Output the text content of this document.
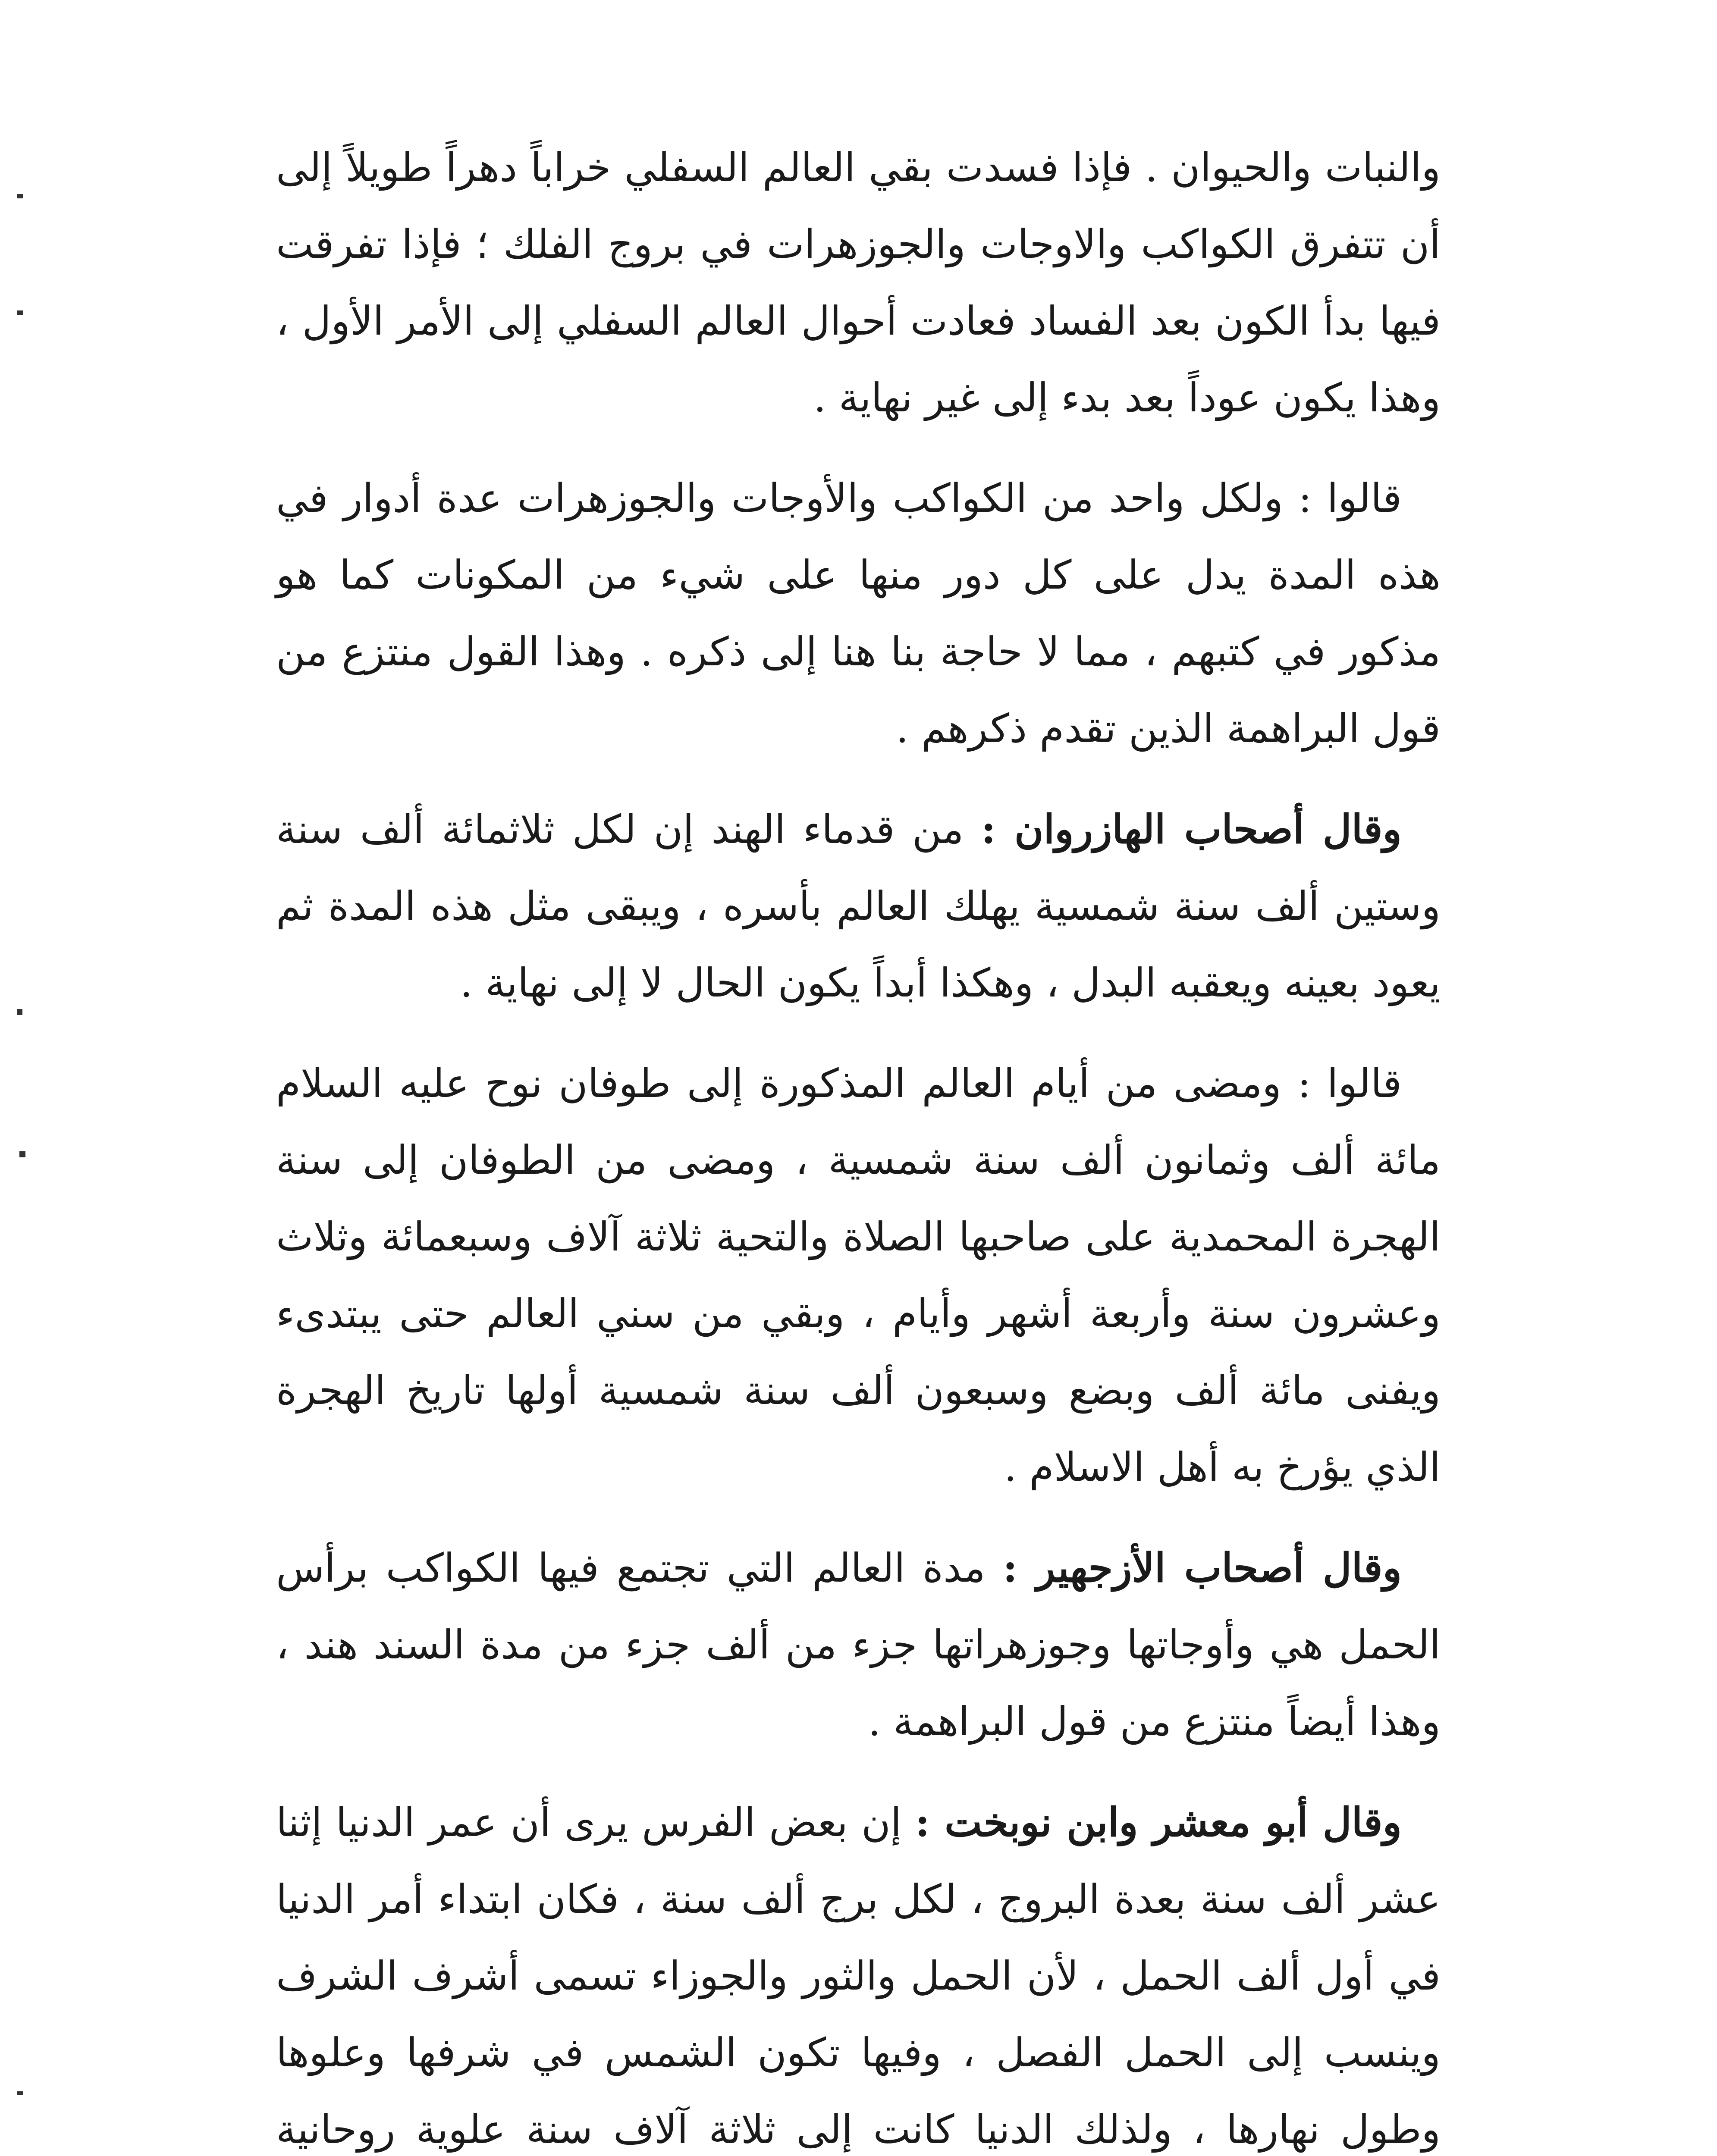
والنبات والحيوان . فإذا فسدت بقي العالم السفلي خراباً دهراً طويلاً إلى أن تتفرق الكواكب والاوجات والجوزهرات في بروج الفلك ؛ فإذا تفرقت فيها بدأ الكون بعد الفساد فعادت أحوال العالم السفلي إلى الأمر الأول ، وهذا يكون عوداً بعد بدء إلى غير نهاية .

قالوا : ولكل واحد من الكواكب والأوجات والجوزهرات عدة أدوار في هذه المدة يدل على كل دور منها على شيء من المكونات كما هو مذكور في كتبهم ، مما لا حاجة بنا هنا إلى ذكره . وهذا القول منتزع من قول البراهمة الذين تقدم ذكرهم .

وقال أصحاب الهازروان : من قدماء الهند إن لكل ثلاثمائة ألف سنة وستين ألف سنة شمسية يهلك العالم بأسره ، ويبقى مثل هذه المدة ثم يعود بعينه ويعقبه البدل ، وهكذا أبداً يكون الحال لا إلى نهاية .

قالوا : ومضى من أيام العالم المذكورة إلى طوفان نوح عليه السلام مائة ألف وثمانون ألف سنة شمسية ، ومضى من الطوفان إلى سنة الهجرة المحمدية على صاحبها الصلاة والتحية ثلاثة آلاف وسبعمائة وثلاث وعشرون سنة وأربعة أشهر وأيام ، وبقي من سني العالم حتى يبتدىء ويفنى مائة ألف وبضع وسبعون ألف سنة شمسية أولها تاريخ الهجرة الذي يؤرخ به أهل الاسلام .

وقال أصحاب الأزجهير : مدة العالم التي تجتمع فيها الكواكب برأس الحمل هي وأوجاتها وجوزهراتها جزء من ألف جزء من مدة السند هند ، وهذا أيضاً منتزع من قول البراهمة .

وقال أبو معشر وابن نوبخت : إن بعض الفرس يرى أن عمر الدنيا إثنا عشر ألف سنة بعدة البروج ، لكل برج ألف سنة ، فكان ابتداء أمر الدنيا في أول ألف الحمل ، لأن الحمل والثور والجوزاء تسمى أشرف الشرف وينسب إلى الحمل الفصل ، وفيها تكون الشمس في شرفها وعلوها وطول نهارها ، ولذلك الدنيا كانت إلى ثلاثة آلاف سنة علوية روحانية
